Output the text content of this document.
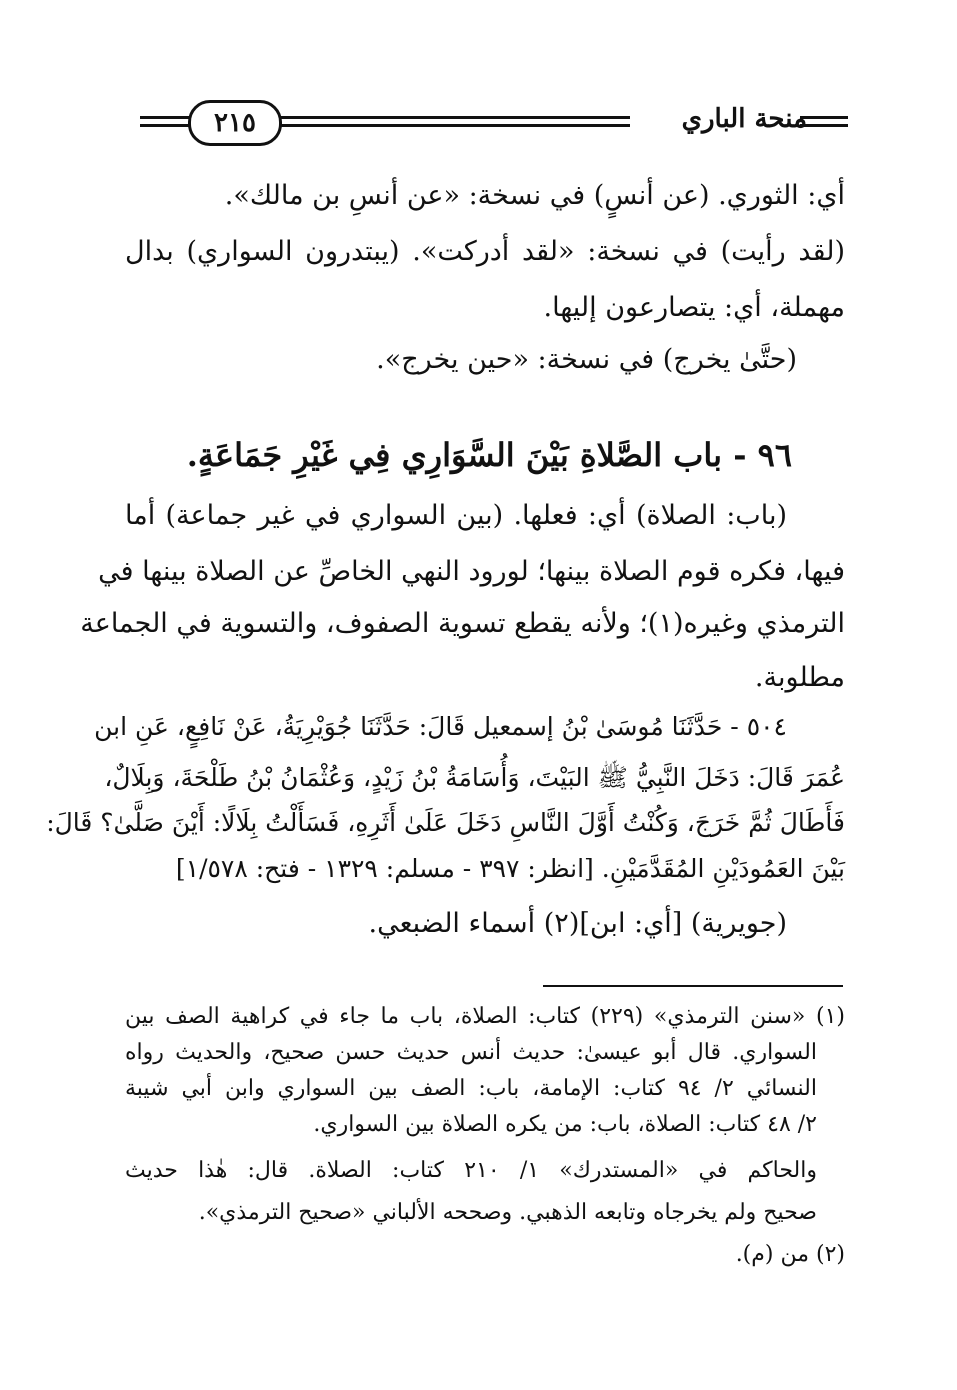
٢١٥	منحة الباري
أي: الثوري. (عن أنسٍ) في نسخة: «عن أنسِ بن مالك».
(لقد رأيت) في نسخة: «لقد أدركت». (يبتدرون السواري) بدال
مهملة، أي: يتصارعون إليها.
(حتَّىٰ يخرج) في نسخة: «حين يخرج».
٩٦ - باب الصَّلاةِ بَيْنَ السَّوَارِي فِي غَيْرِ جَمَاعَةٍ.
(باب: الصلاة) أي: فعلها. (بين السواري في غير جماعة) أما
فيها، فكره قوم الصلاة بينها؛ لورود النهي الخاصِّ عن الصلاة بينها في
الترمذي وغيره(١)؛ ولأنه يقطع تسوية الصفوف، والتسوية في الجماعة
مطلوبة.
٥٠٤ - حَدَّثَنَا مُوسَىٰ بْنُ إسمعيل قَالَ: حَدَّثَنَا جُوَيْرِيَةُ، عَنْ نَافِعٍ، عَنِ ابن
عُمَرَ قَالَ: دَخَلَ النَّبِيُّ ﷺ البَيْتَ، وَأُسَامَةُ بْنُ زَيْدٍ، وَعُثْمَانُ بْنُ طَلْحَةَ، وَبِلَالٌ،
فَأَطَالَ ثُمَّ خَرَجَ، وَكُنْتُ أَوَّلَ النَّاسِ دَخَلَ عَلَىٰ أَثَرِهِ، فَسَأَلْتُ بِلَالًا: أَيْنَ صَلَّىٰ؟ قَالَ:
بَيْنَ العَمُودَيْنِ المُقَدَّمَيْنِ. [انظر: ٣٩٧ - مسلم: ١٣٢٩ - فتح: ١/٥٧٨]
(جويرية) [أي: ابن](٢) أسماء الضبعي.
(١) «سنن الترمذي» (٢٢٩) كتاب: الصلاة، باب ما جاء في كراهية الصف بين
السواري. قال أبو عيسىٰ: حديث أنس حديث حسن صحيح، والحديث رواه
النسائي ٢/ ٩٤ كتاب: الإمامة، باب: الصف بين السواري وابن أبي شيبة
٢/ ٤٨ كتاب: الصلاة، باب: من يكره الصلاة بين السواري.
والحاكم في «المستدرك» ١/ ٢١٠ كتاب: الصلاة. قال: هٰذا حديث
صحيح ولم يخرجاه وتابعه الذهبي. وصححه الألباني «صحيح الترمذي».
(٢) من (م).
